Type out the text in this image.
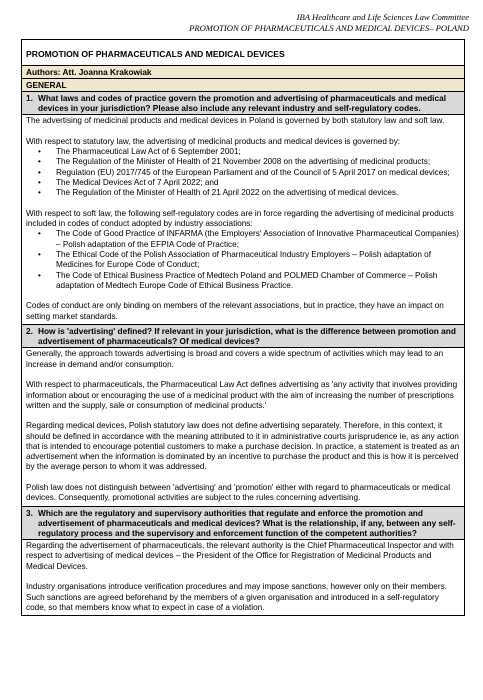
IBA Healthcare and Life Sciences Law Committee
PROMOTION OF PHARMACEUTICALS AND MEDICAL DEVICES– POLAND
PROMOTION OF PHARMACEUTICALS AND MEDICAL DEVICES
Authors: Att. Joanna Krakowiak
GENERAL
1. What laws and codes of practice govern the promotion and advertising of pharmaceuticals and medical devices in your jurisdiction? Please also include any relevant industry and self-regulatory codes.

The advertising of medicinal products and medical devices in Poland is governed by both statutory law and soft law.

With respect to statutory law, the advertising of medicinal products and medical devices is governed by:

• The Pharmaceutical Law Act of 6 September 2001;
• The Regulation of the Minister of Health of 21 November 2008 on the advertising of medicinal products;
• Regulation (EU) 2017/745 of the European Parliament and of the Council of 5 April 2017 on medical devices;
• The Medical Devices Act of 7 April 2022; and
• The Regulation of the Minister of Health of 21 April 2022 on the advertising of medical devices.

With respect to soft law, the following self-regulatory codes are in force regarding the advertising of medicinal products included in codes of conduct adopted by industry associations:

• The Code of Good Practice of INFARMA (the Employers' Association of Innovative Pharmaceutical Companies) – Polish adaptation of the EFPIA Code of Practice;
• The Ethical Code of the Polish Association of Pharmaceutical Industry Employers – Polish adaptation of Medicines for Europe Code of Conduct;
• The Code of Ethical Business Practice of Medtech Poland and POLMED Chamber of Commerce – Polish adaptation of Medtech Europe Code of Ethical Business Practice.

Codes of conduct are only binding on members of the relevant associations, but in practice, they have an impact on setting market standards.

2. How is 'advertising' defined? If relevant in your jurisdiction, what is the difference between promotion and advertisement of pharmaceuticals? Of medical devices?

Generally, the approach towards advertising is broad and covers a wide spectrum of activities which may lead to an increase in demand and/or consumption.

With respect to pharmaceuticals, the Pharmaceutical Law Act defines advertising as 'any activity that involves providing information about or encouraging the use of a medicinal product with the aim of increasing the number of prescriptions written and the supply, sale or consumption of medicinal products.'

Regarding medical devices, Polish statutory law does not define advertising separately. Therefore, in this context, it should be defined in accordance with the meaning attributed to it in administrative courts jurisprudence ie, as any action that is intended to encourage potential customers to make a purchase decision. In practice, a statement is treated as an advertisement when the information is dominated by an incentive to purchase the product and this is how it is perceived by the average person to whom it was addressed.

Polish law does not distinguish between 'advertising' and 'promotion' either with regard to pharmaceuticals or medical devices. Consequently, promotional activities are subject to the rules concerning advertising.

3. Which are the regulatory and supervisory authorities that regulate and enforce the promotion and advertisement of pharmaceuticals and medical devices? What is the relationship, if any, between any self-regulatory process and the supervisory and enforcement function of the competent authorities?

Regarding the advertisement of pharmaceuticals, the relevant authority is the Chief Pharmaceutical Inspector and with respect to advertising of medical devices – the President of the Office for Registration of Medicinal Products and Medical Devices.

Industry organisations introduce verification procedures and may impose sanctions, however only on their members. Such sanctions are agreed beforehand by the members of a given organisation and introduced in a self-regulatory code, so that members know what to expect in case of a violation.
